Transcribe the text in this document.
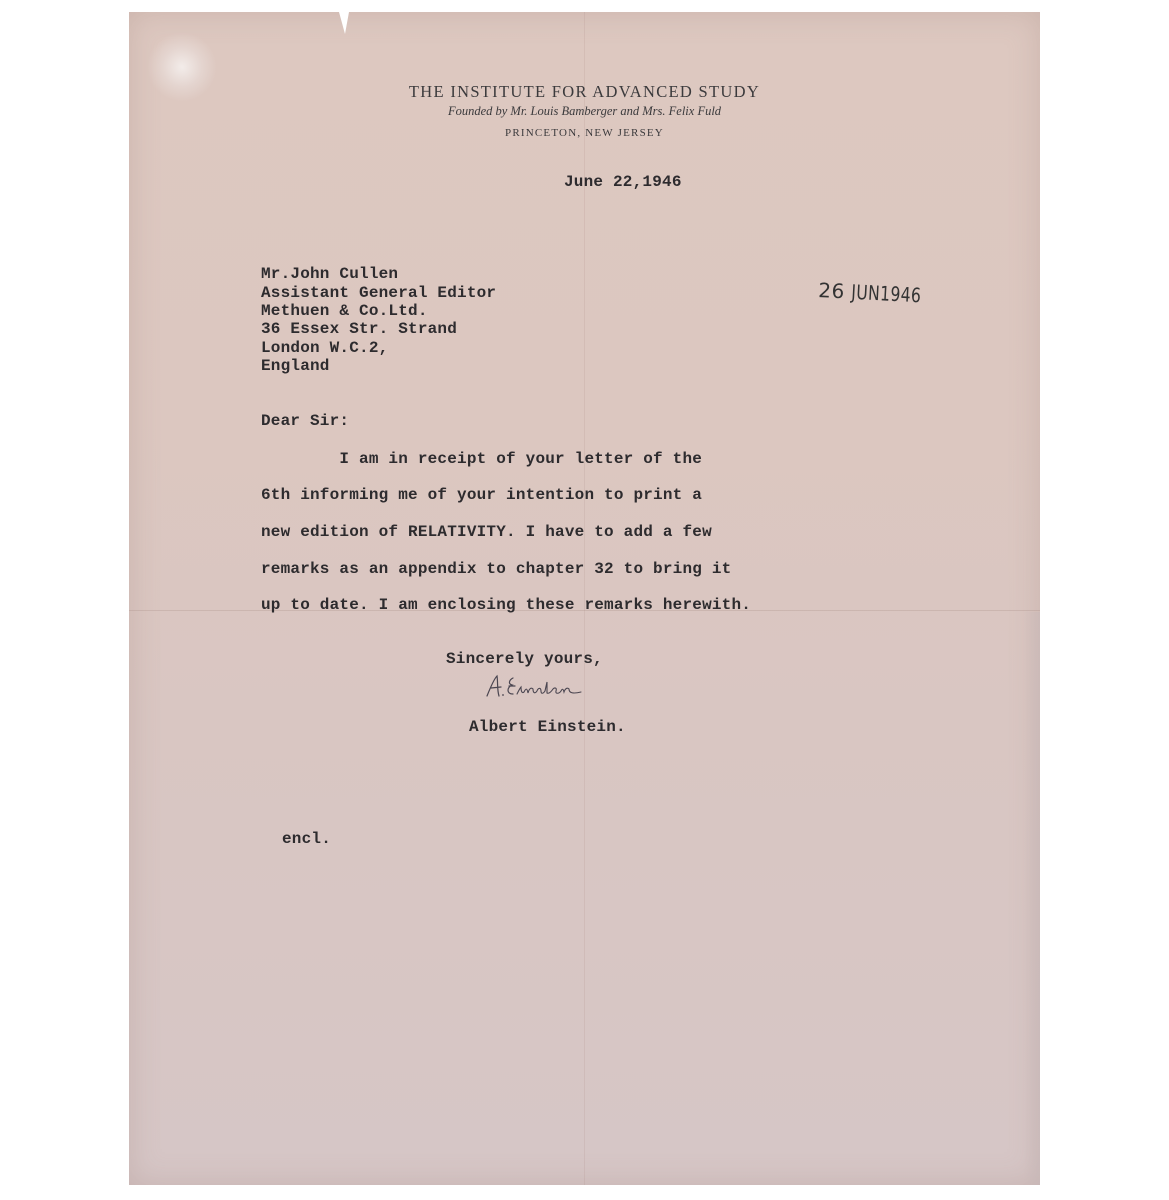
THE INSTITUTE FOR ADVANCED STUDY
Founded by Mr. Louis Bamberger and Mrs. Felix Fuld
PRINCETON, NEW JERSEY
June 22,1946
Mr.John Cullen
Assistant General Editor
Methuen & Co.Ltd.
36 Essex Str. Strand
London W.C.2,
England
26 JUN1946
Dear Sir:
I am in receipt of your letter of the
6th informing me of your intention to print a
new edition of RELATIVITY. I have to add a few
remarks as an appendix to chapter 32 to bring it
up to date. I am enclosing these remarks herewith.
Sincerely yours,
Albert Einstein.
encl.
